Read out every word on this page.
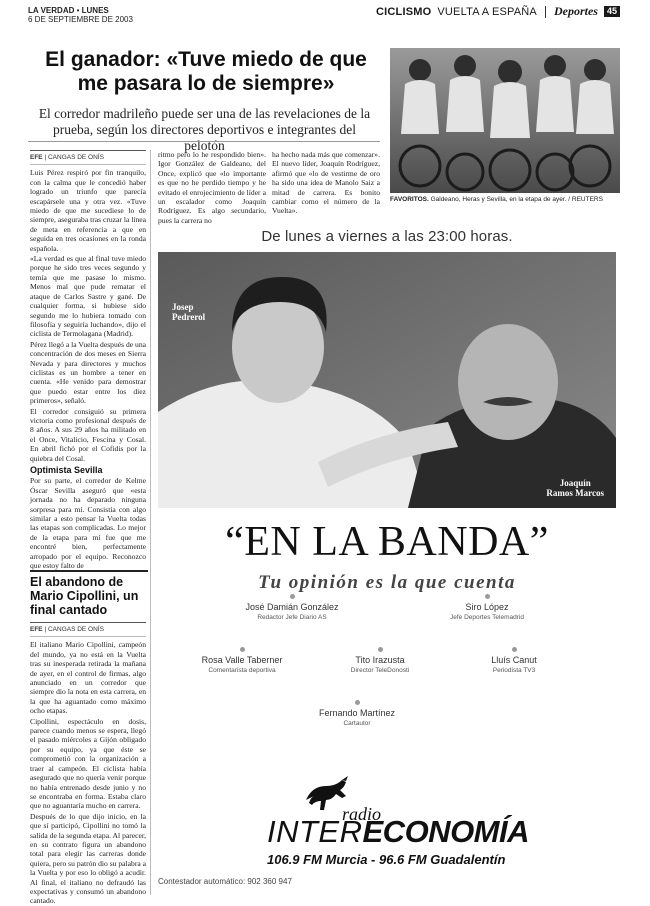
LA VERDAD • LUNES
6 DE SEPTIEMBRE DE 2003
CICLISMO VUELTA A ESPAÑA Deportes	45
El ganador: «Tuve miedo de que me pasara lo de siempre»

El corredor madrileño puede ser una de las revelaciones de la prueba, según los directores deportivos e integrantes del pelotón

FAVORITOS. Galdeano, Heras y Sevilla, en la etapa de ayer. / REUTERS
EFE | CANGAS DE ONÍS

Luis Pérez respiró por fin tranquilo, con la calma que le concedió haber logrado un triunfo que parecía escapársele una y otra vez. «Tuve miedo de que me sucediese lo de siempre, aseguraba tras cruzar la línea de meta en referencia a que en seguida en tres ocasiones en la ronda española.

«La verdad es que al final tuve miedo porque he sido tres veces segundo y temía que me pasase lo mismo. Menos mal que pude rematar el ataque de Carlos Sastre y gané. De cualquier forma, si hubiese sido segundo me lo hubiera tomado con filosofía y seguiría luchando», dijo el ciclista de Termolagana (Madrid).

Pérez llegó a la Vuelta después de una concentración de dos meses en Sierra Nevada y para directores y muchos ciclistas es un hombre a tener en cuenta. «He venido para demostrar que puedo estar entre los diez primeros», señaló.

El corredor consiguió su primera victoria como profesional después de 8 años. A sus 29 años ha militado en el Once, Vitalicio, Fescina y Cosal. En abril fichó por el Cofidis por la quiebra del Cosal.

Optimista Sevilla

Por su parte, el corredor de Kelme Óscar Sevilla aseguró que «esta jornada no ha deparado ninguna sorpresa para mí. Consistía con algo similar a esto pensar la Vuelta todas las etapas son complicadas. Lo mejor de la etapa para mí fue que me encontré bien, perfectamente arropado por el equipo. Reconozco que estoy falto de

ritmo pero lo he respondido bien». Igor González de Galdeano, del Once, explicó que «lo importante es que no he perdido tiempo y he evitado el enrojecimiento de líder a un escalador como Joaquín Rodríguez. Es algo secundario, pues la carrera no

ha hecho nada más que comenzar». El nuevo líder, Joaquín Rodríguez, afirmó que «lo de vestirme de oro ha sido una idea de Manolo Saiz a mitad de carrera. Es bonito cambiar como el número de la Vuelta».

El abandono de Mario Cipollini, un final cantado
EFE | CANGAS DE ONÍS

El italiano Mario Cipollini, campeón del mundo, ya no está en la Vuelta tras su inesperada retirada la mañana de ayer, en el control de firmas, algo anunciado en un corredor que siempre dio la nota en esta carrera, en la que ha aguantado como máximo ocho etapas.

Cipollini, espectáculo en dosis, parece cuando menos se espera, llegó el pasado miércoles a Gijón obligado por su equipo, ya que éste se comprometió con la organización a traer al campeón. El ciclista había asegurado que no quería venir porque no había entrenado desde junio y no se encontraba en forma. Estaba claro que no aguantaría mucho en carrera.

Después de lo que dijo inicio, en la que sí participó, Cipollini no tomó la salida de la segunda etapa. Al parecer, en su contrato figura un abandono total para elegir las carreras donde quiera, pero su patrón dio su palabra a la Vuelta y por eso lo obligó a acudir. Al final, el italiano no defraudó las expectativas y consumó un abandono cantado.

De lunes a viernes a las 23:00 horas.
Josep
Pedrerol
Joaquín
Ramos Marcos
“EN LA BANDA”
Tu opinión es la que cuenta
José Damián González
Redactor Jefe Diario AS
Siro López
Jefe Deportes Telemadrid
Rosa Valle Taberner
Comentarista deportiva
Tito Irazusta
Director TeleDonosti
Lluís Canut
Periodista TV3
Fernando Martínez
Cartautor
radio
INTERECONOMÍA
106.9 FM Murcia - 96.6 FM Guadalentín
Contestador automático: 902 360 947
